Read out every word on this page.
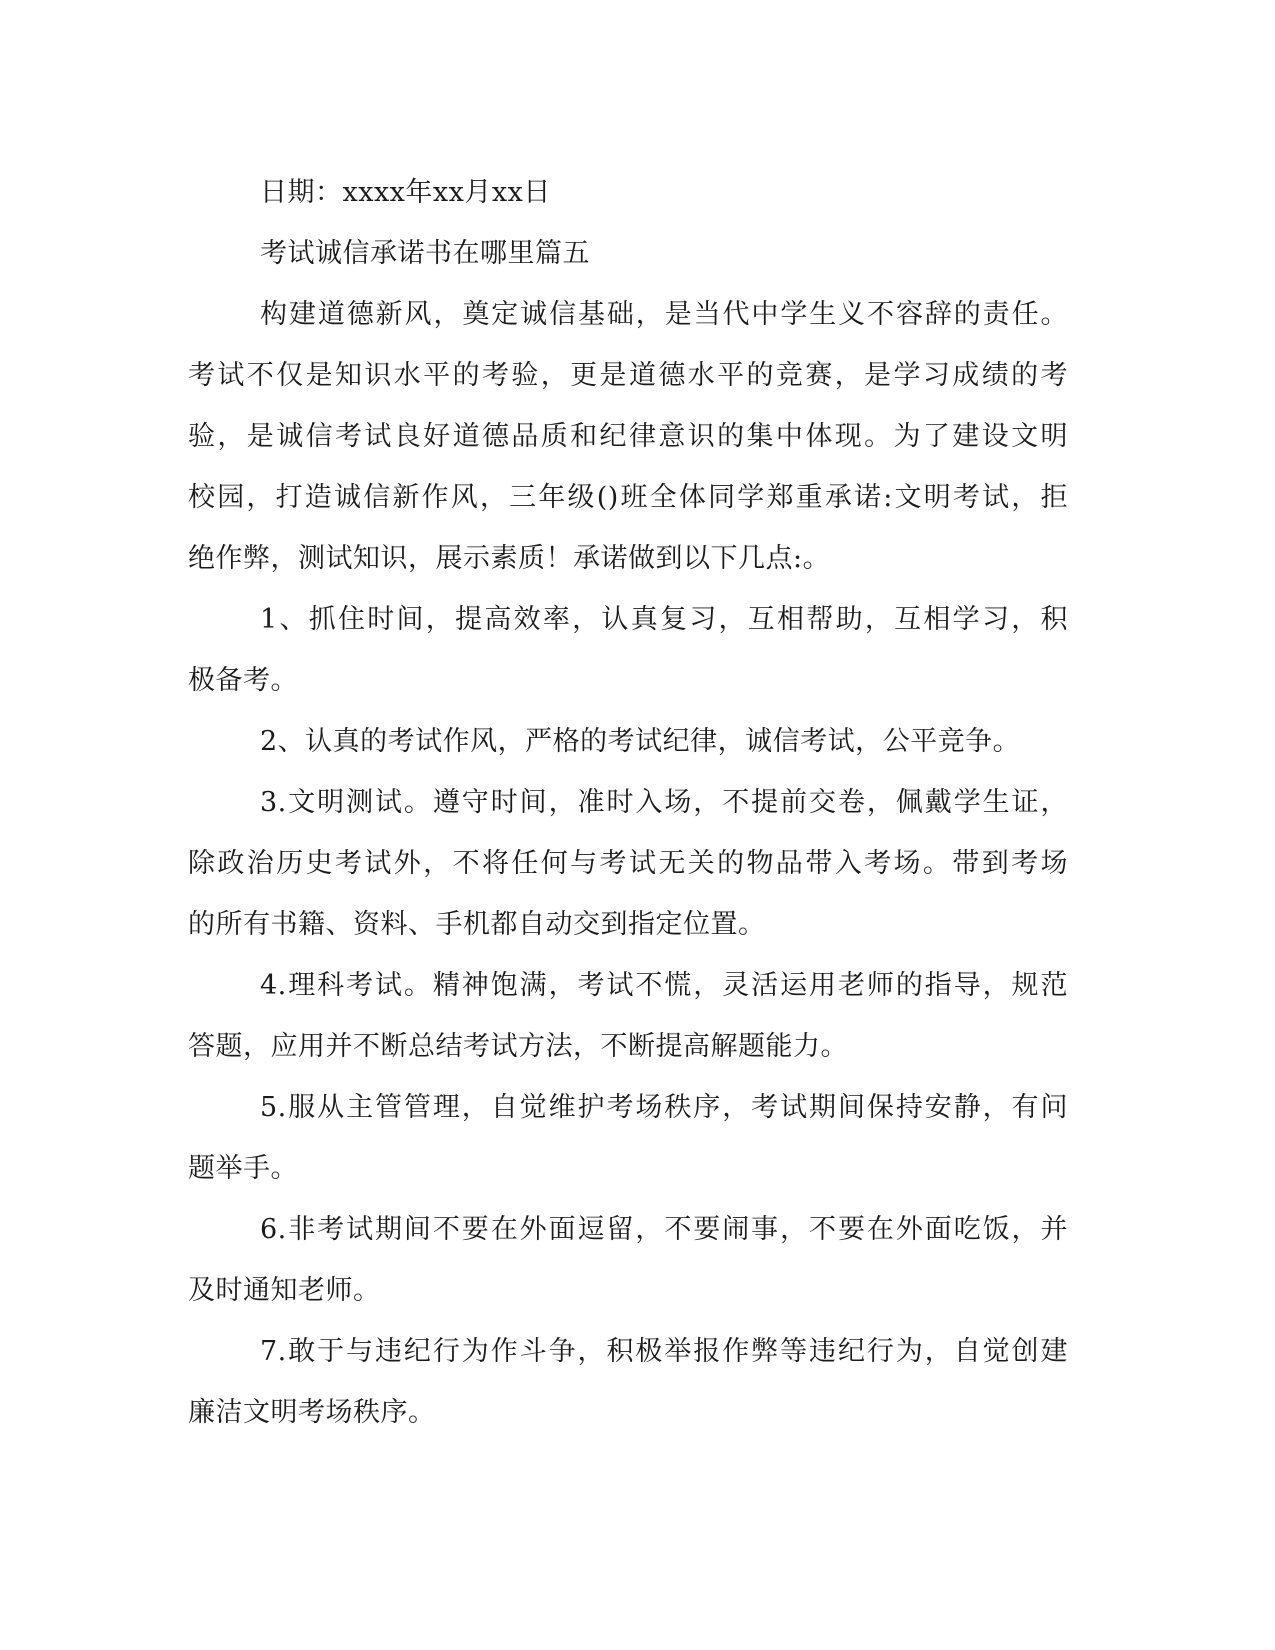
日期：xxxx年xx月xx日

考试诚信承诺书在哪里篇五

构建道德新风，奠定诚信基础，是当代中学生义不容辞的责任。

考试不仅是知识水平的考验，更是道德水平的竞赛，是学习成绩的考

验，是诚信考试良好道德品质和纪律意识的集中体现。为了建设文明

校园，打造诚信新作风，三年级()班全体同学郑重承诺:文明考试，拒

绝作弊，测试知识，展示素质！承诺做到以下几点:。

1、抓住时间，提高效率，认真复习，互相帮助，互相学习，积

极备考。

2、认真的考试作风，严格的考试纪律，诚信考试，公平竞争。

3.文明测试。遵守时间，准时入场，不提前交卷，佩戴学生证，

除政治历史考试外，不将任何与考试无关的物品带入考场。带到考场

的所有书籍、资料、手机都自动交到指定位置。

4.理科考试。精神饱满，考试不慌，灵活运用老师的指导，规范

答题，应用并不断总结考试方法，不断提高解题能力。

5.服从主管管理，自觉维护考场秩序，考试期间保持安静，有问

题举手。

6.非考试期间不要在外面逗留，不要闹事，不要在外面吃饭，并

及时通知老师。

7.敢于与违纪行为作斗争，积极举报作弊等违纪行为，自觉创建

廉洁文明考场秩序。
